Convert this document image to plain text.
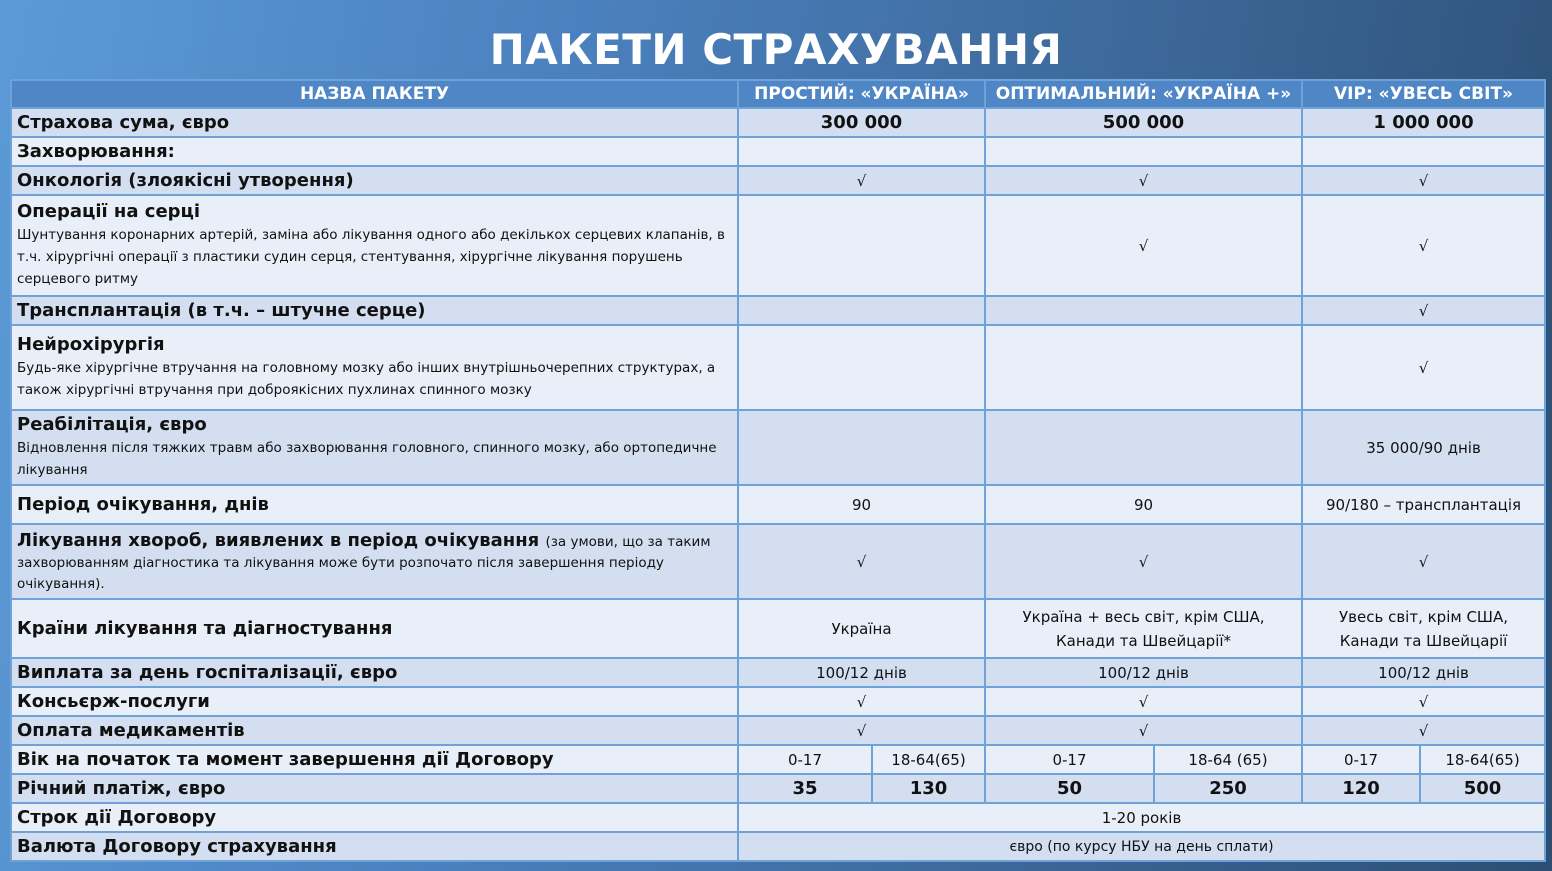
ПАКЕТИ СТРАХУВАННЯ
НАЗВА ПАКЕТУ	ПРОСТИЙ: «УКРАЇНА»		ОПТИМАЛЬНИЙ: «УКРАЇНА +»		VIP: «УВЕСЬ СВІТ»	
Страхова сума, євро	300 000		500 000		1 000 000	
Захворювання:						
Онкологія (злоякісні утворення)	√		√		√	
Операції на серці
Шунтування коронарних артерій, заміна або лікування одного або декількох серцевих клапанів, в т.ч. хірургічні операції з пластики судин серця, стентування, хірургічне лікування порушень серцевого ритму			√		√	
Трансплантація (в т.ч. – штучне серце)					√	
Нейрохірургія
Будь-яке хірургічне втручання на головному мозку або інших внутрішньочерепних структурах, а також хірургічні втручання при доброякісних пухлинах спинного мозку					√	
Реабілітація, євро
Відновлення після тяжких травм або захворювання головного, спинного мозку, або ортопедичне лікування					35 000/90 днів	
Період очікування, днів	90		90		90/180 – трансплантація	
Лікування хвороб, виявлених в період очікування (за умови, що за таким захворюванням діагностика та лікування може бути розпочато після завершення періоду очікування).	√		√		√	
Країни лікування та діагностування	Україна		Україна + весь світ, крім США, Канади та Швейцарії*		Увесь світ, крім США, Канади та Швейцарії	
Виплата за день госпіталізації, євро	100/12 днів		100/12 днів		100/12 днів	
Консьєрж-послуги	√		√		√	
Оплата медикаментів	√		√		√	
Вік на початок та момент завершення дії Договору	0-17	18-64(65)	0-17	18-64 (65)	0-17	18-64(65)
Річний платіж, євро	35	130	50	250	120	500
Строк дії Договору	1-20 років					
Валюта Договору страхування	євро (по курсу НБУ на день сплати)					
